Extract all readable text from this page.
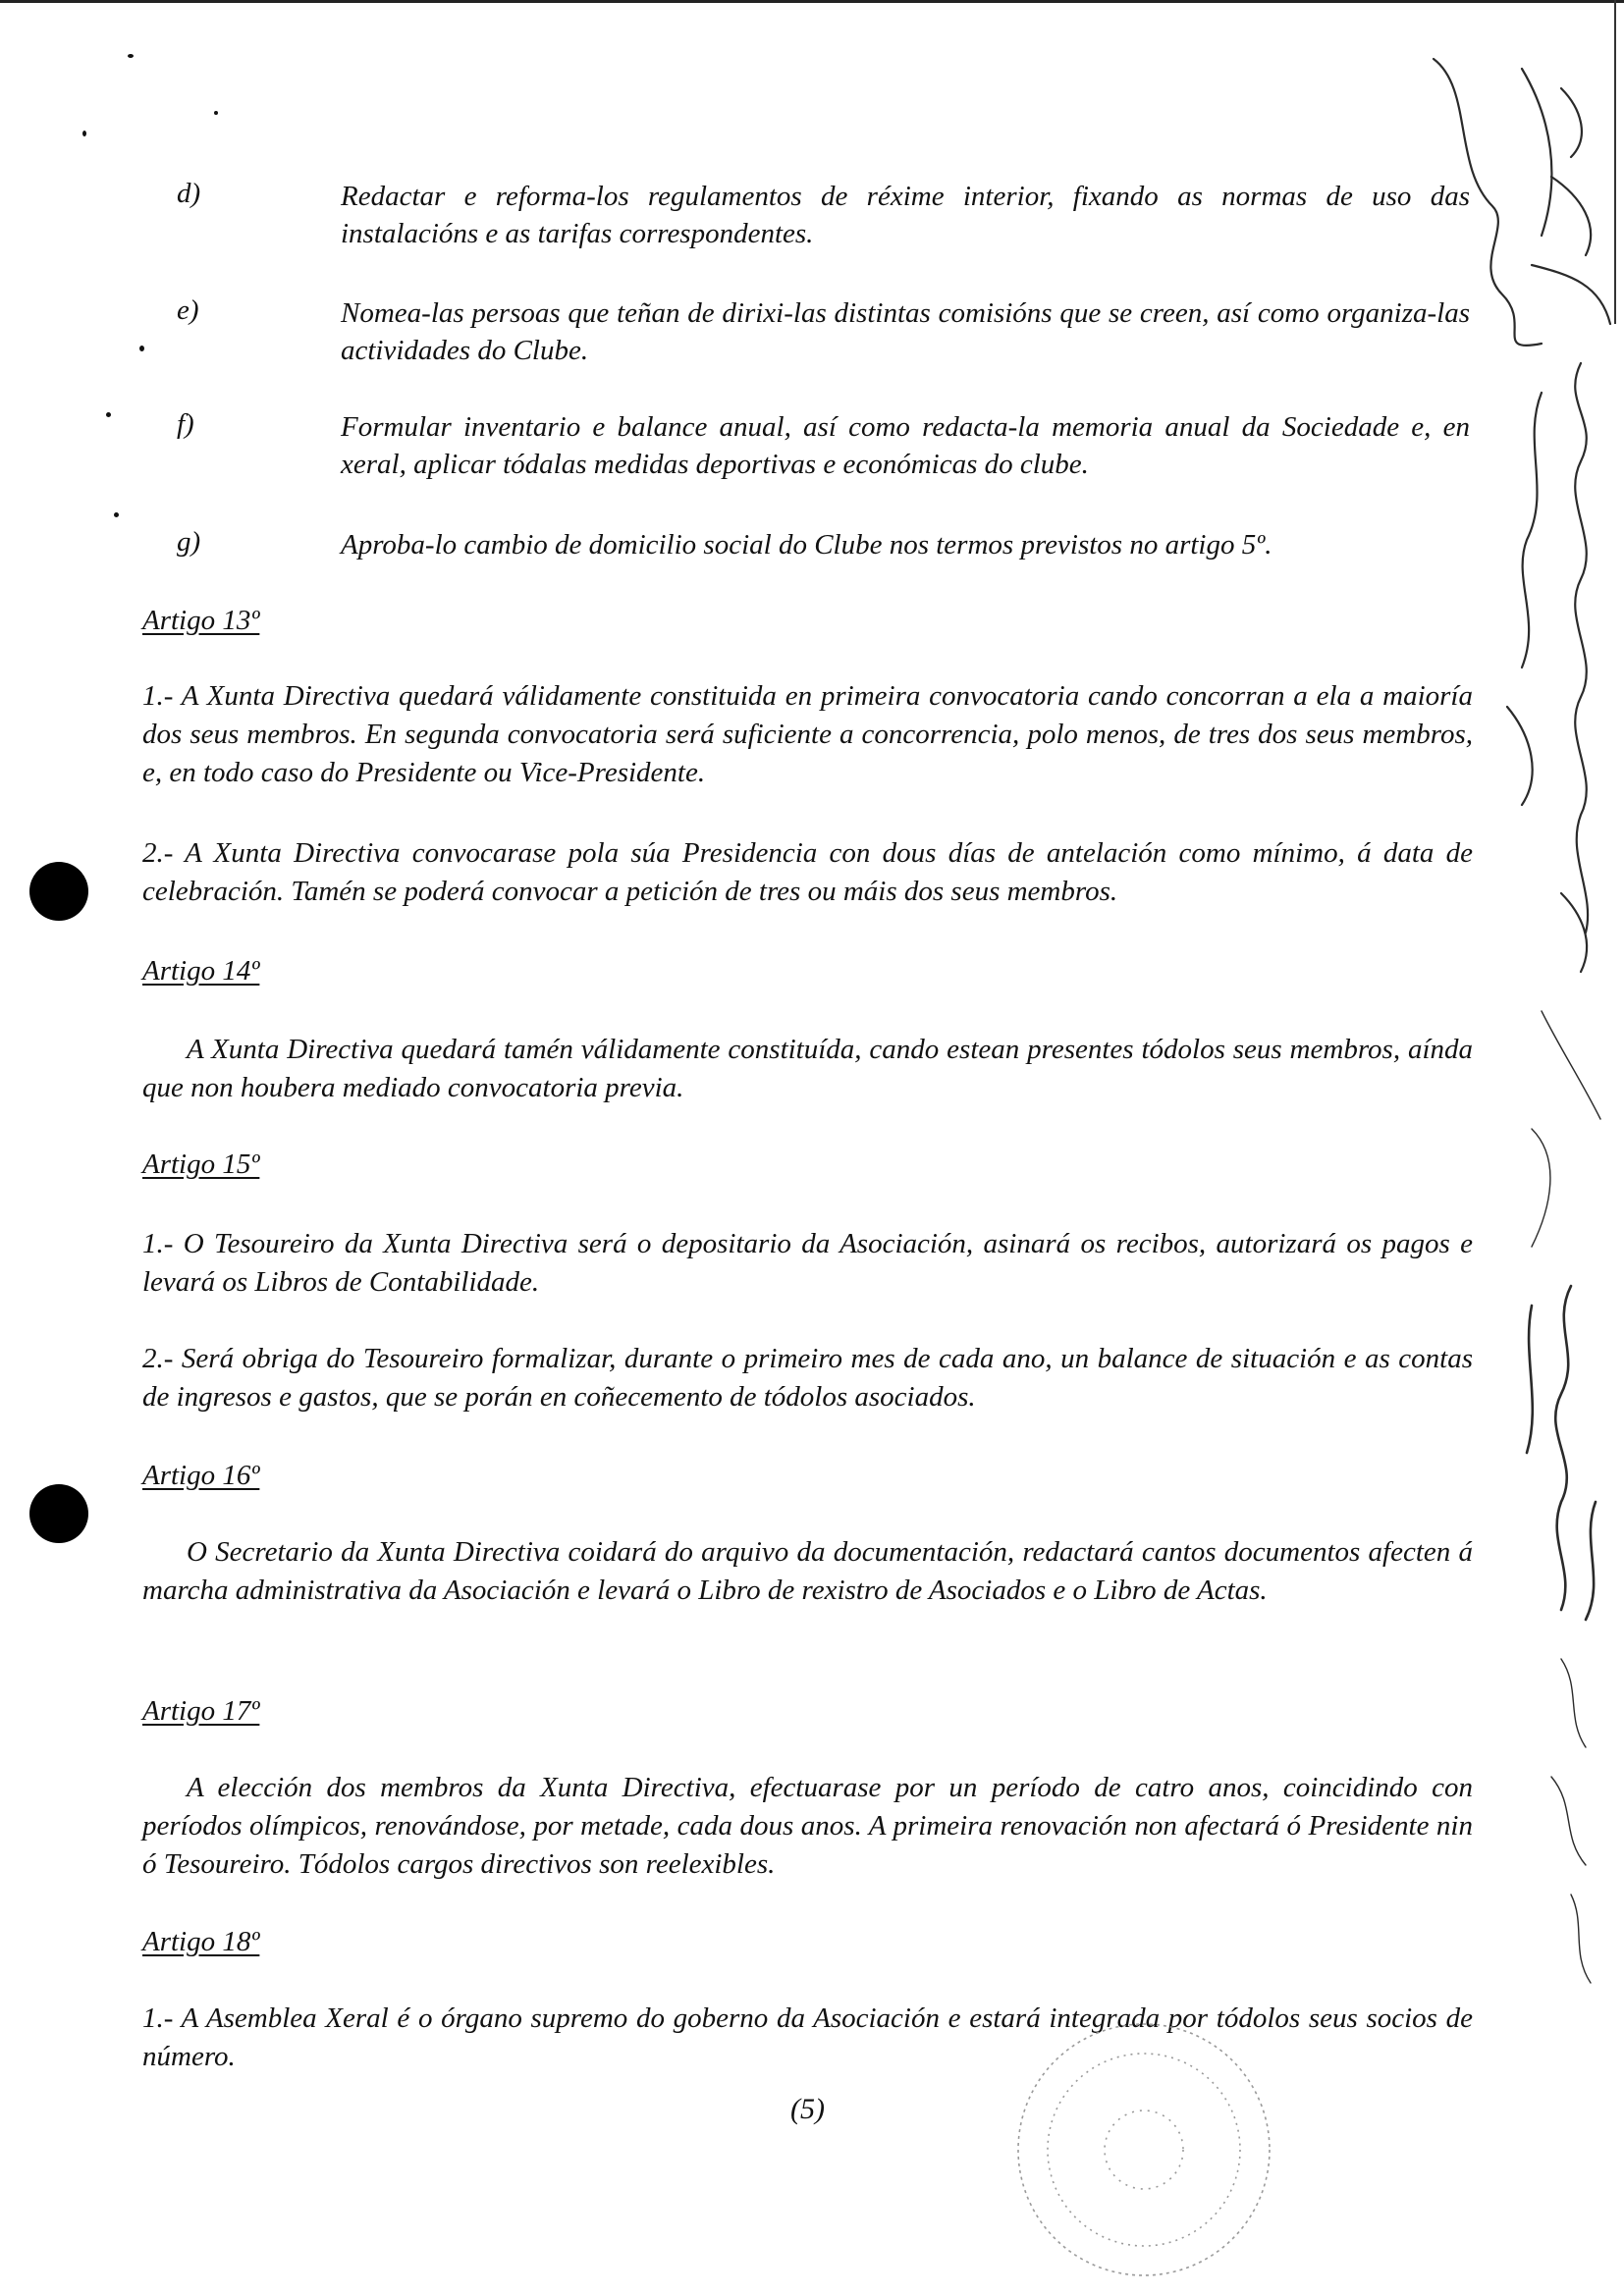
d)	Redactar e reforma-los regulamentos de réxime interior, fixando as normas de uso das instalacións e as tarifas correspondentes.
e)	Nomea-las persoas que teñan de dirixi-las distintas comisións que se creen, así como organiza-las actividades do Clube.
f)	Formular inventario e balance anual, así como redacta-la memoria anual da Sociedade e, en xeral, aplicar tódalas medidas deportivas e económicas do clube.
g)	Aproba-lo cambio de domicilio social do Clube nos termos previstos no artigo 5º.
Artigo 13º
1.- A Xunta Directiva quedará válidamente constituida en primeira convocatoria cando concorran a ela a maioría dos seus membros. En segunda convocatoria será suficiente a concorrencia, polo menos, de tres dos seus membros, e, en todo caso do Presidente ou Vice-Presidente.
2.- A Xunta Directiva convocarase pola súa Presidencia con dous días de antelación como mínimo, á data de celebración. Tamén se poderá convocar a petición de tres ou máis dos seus membros.
Artigo 14º
A Xunta Directiva quedará tamén válidamente constituída, cando estean presentes tódolos seus membros, aínda que non houbera mediado convocatoria previa.
Artigo 15º
1.- O Tesoureiro da Xunta Directiva será o depositario da Asociación, asinará os recibos, autorizará os pagos e levará os Libros de Contabilidade.
2.- Será obriga do Tesoureiro formalizar, durante o primeiro mes de cada ano, un balance de situación e as contas de ingresos e gastos, que se porán en coñecemento de tódolos asociados.
Artigo 16º
O Secretario da Xunta Directiva coidará do arquivo da documentación, redactará cantos documentos afecten á marcha administrativa da Asociación e levará o Libro de rexistro de Asociados e o Libro de Actas.
Artigo 17º
A elección dos membros da Xunta Directiva, efectuarase por un período de catro anos, coincidindo con períodos olímpicos, renovándose, por metade, cada dous anos. A primeira renovación non afectará ó Presidente nin ó Tesoureiro. Tódolos cargos directivos son reelexibles.
Artigo 18º
1.- A Asemblea Xeral é o órgano supremo do goberno da Asociación e estará integrada por tódolos seus socios de número.
(5)
